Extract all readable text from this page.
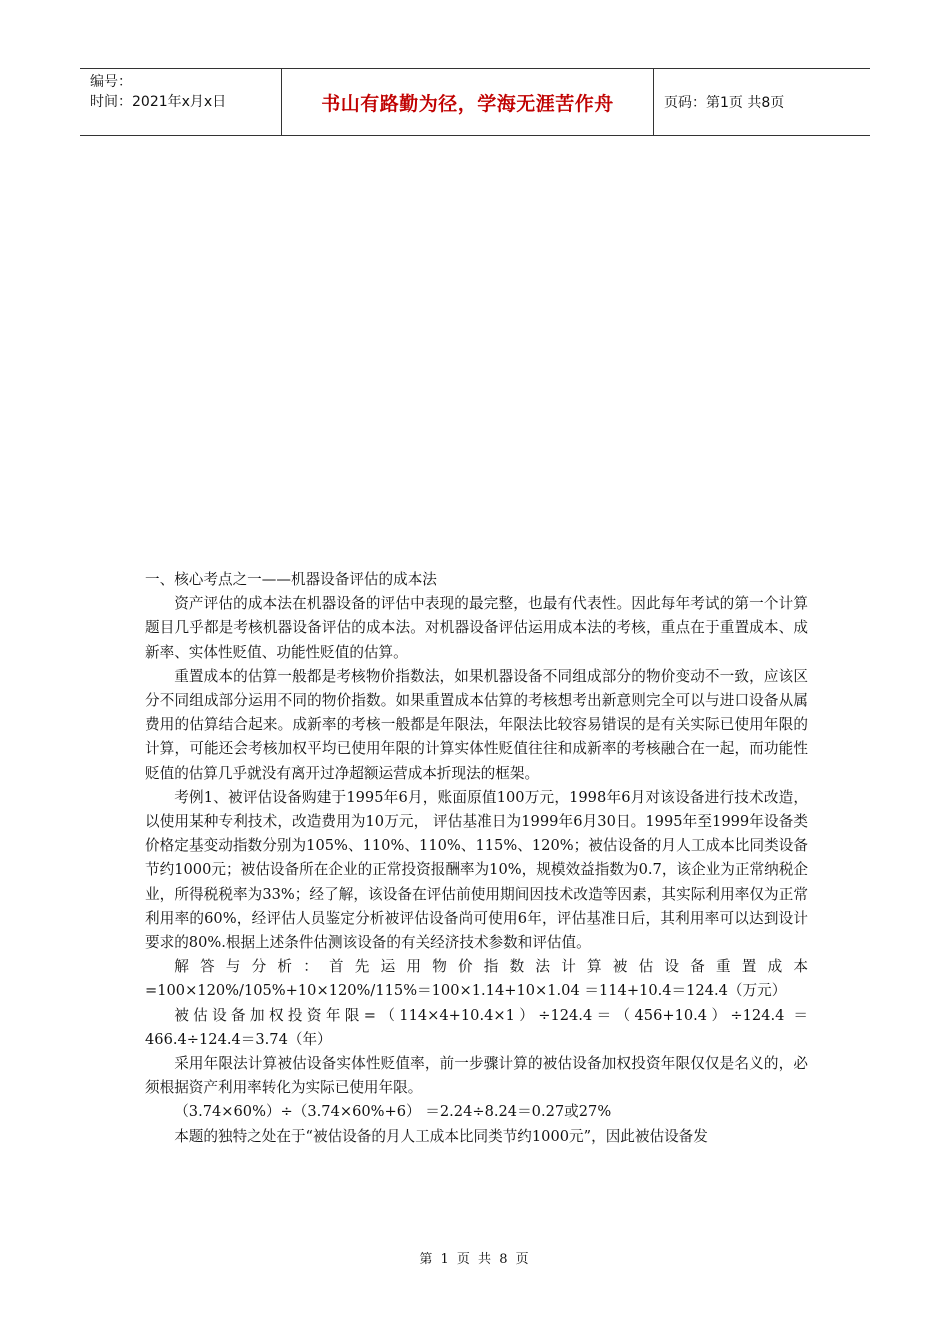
编号：
时间：2021年x月x日	书山有路勤为径，学海无涯苦作舟	页码：第1页 共8页

一、核心考点之一——机器设备评估的成本法

资产评估的成本法在机器设备的评估中表现的最完整，也最有代表性。因此每年考试的第一个计算题目几乎都是考核机器设备评估的成本法。对机器设备评估运用成本法的考核，重点在于重置成本、成新率、实体性贬值、功能性贬值的估算。

重置成本的估算一般都是考核物价指数法，如果机器设备不同组成部分的物价变动不一致，应该区分不同组成部分运用不同的物价指数。如果重置成本估算的考核想考出新意则完全可以与进口设备从属费用的估算结合起来。成新率的考核一般都是年限法，年限法比较容易错误的是有关实际已使用年限的计算，可能还会考核加权平均已使用年限的计算实体性贬值往往和成新率的考核融合在一起，而功能性贬值的估算几乎就没有离开过净超额运营成本折现法的框架。

考例1、被评估设备购建于1995年6月，账面原值100万元，1998年6月对该设备进行技术改造，以使用某种专利技术，改造费用为10万元， 评估基准日为1999年6月30日。1995年至1999年设备类价格定基变动指数分别为105%、110%、110%、115%、120%；被估设备的月人工成本比同类设备节约1000元；被估设备所在企业的正常投资报酬率为10%，规模效益指数为0.7，该企业为正常纳税企业，所得税税率为33%；经了解，该设备在评估前使用期间因技术改造等因素，其实际利用率仅为正常利用率的60%，经评估人员鉴定分析被评估设备尚可使用6年，评估基准日后，其利用率可以达到设计要求的80%.根据上述条件估测该设备的有关经济技术参数和评估值。

解答与分析：首先运用物价指数法计算被估设备重置成本=100×120%/105%+10×120%/115%＝100×1.14+10×1.04 ＝114+10.4＝124.4（万元）

被估设备加权投资年限=（114×4+10.4×1）÷124.4＝（456+10.4）÷124.4 ＝466.4÷124.4＝3.74（年）

采用年限法计算被估设备实体性贬值率，前一步骤计算的被估设备加权投资年限仅仅是名义的，必须根据资产利用率转化为实际已使用年限。

（3.74×60%）÷（3.74×60%+6） ＝2.24÷8.24＝0.27或27%

本题的独特之处在于“被估设备的月人工成本比同类节约1000元”，因此被估设备发

第 1 页 共 8 页
